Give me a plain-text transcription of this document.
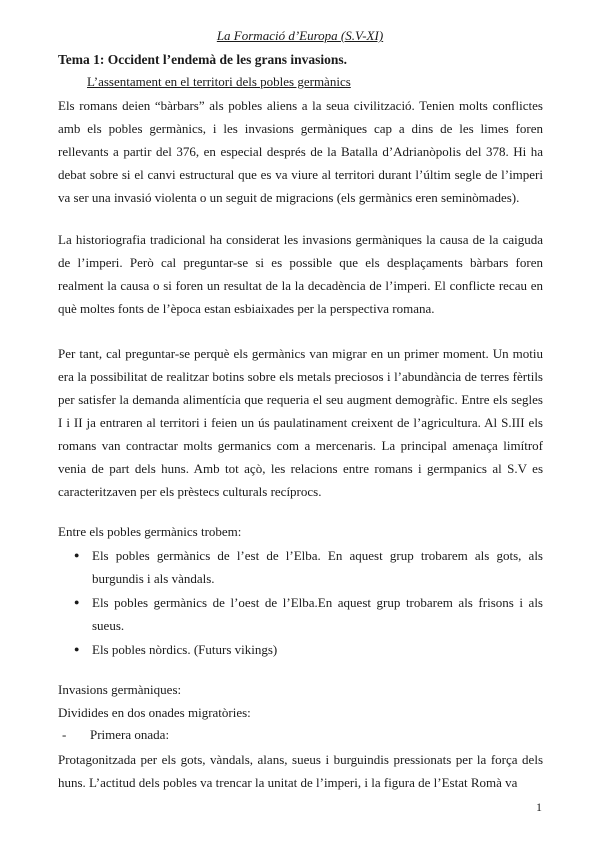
La Formació d’Europa (S.V-XI)
Tema 1: Occident l’endemà de les grans invasions.
L’assentament en el territori dels pobles germànics

Els romans deien “bàrbars” als pobles aliens a la seua civilització. Tenien molts conflictes amb els pobles germànics, i les invasions germàniques cap a dins de les limes foren rellevants a partir del 376, en especial després de la Batalla d’Adrianòpolis del 378. Hi ha debat sobre si el canvi estructural que es va viure al territori durant l’últim segle de l’imperi va ser una invasió violenta o un seguit de migracions (els germànics eren seminòmades).

La historiografia tradicional ha considerat les invasions germàniques la causa de la caiguda de l’imperi. Però cal preguntar-se si es possible que els desplaçaments bàrbars foren realment la causa o si foren un resultat de la la decadència de l’imperi. El conflicte recau en què moltes fonts de l’època estan esbiaixades per la perspectiva romana.

Per tant, cal preguntar-se perquè els germànics van migrar en un primer moment. Un motiu era la possibilitat de realitzar botins sobre els metals preciosos i l’abundància de terres fèrtils per satisfer la demanda alimentícia que requeria el seu augment demogràfic. Entre els segles I i II ja entraren al territori i feien un ús paulatinament creixent de l’agricultura. Al S.III els romans van contractar molts germanics com a mercenaris. La principal amenaça limítrof venia de part dels huns. Amb tot açò, les relacions entre romans i germpanics al S.V es caracteritzaven per els prèstecs culturals recíprocs.

Entre els pobles germànics trobem:

● Els pobles germànics de l’est de l’Elba. En aquest grup trobarem als gots, als burgundis i als vàndals.
● Els pobles germànics de l’oest de l’Elba.En aquest grup trobarem als frisons i als sueus.
● Els pobles nòrdics. (Futurs vikings)

Invasions germàniques:

Dividides en dos onades migratòries:

- Primera onada:

Protagonitzada per els gots, vàndals, alans, sueus i burguindis pressionats per la força dels huns. L’actitud dels pobles va trencar la unitat de l’imperi, i la figura de l’Estat Romà va

1
